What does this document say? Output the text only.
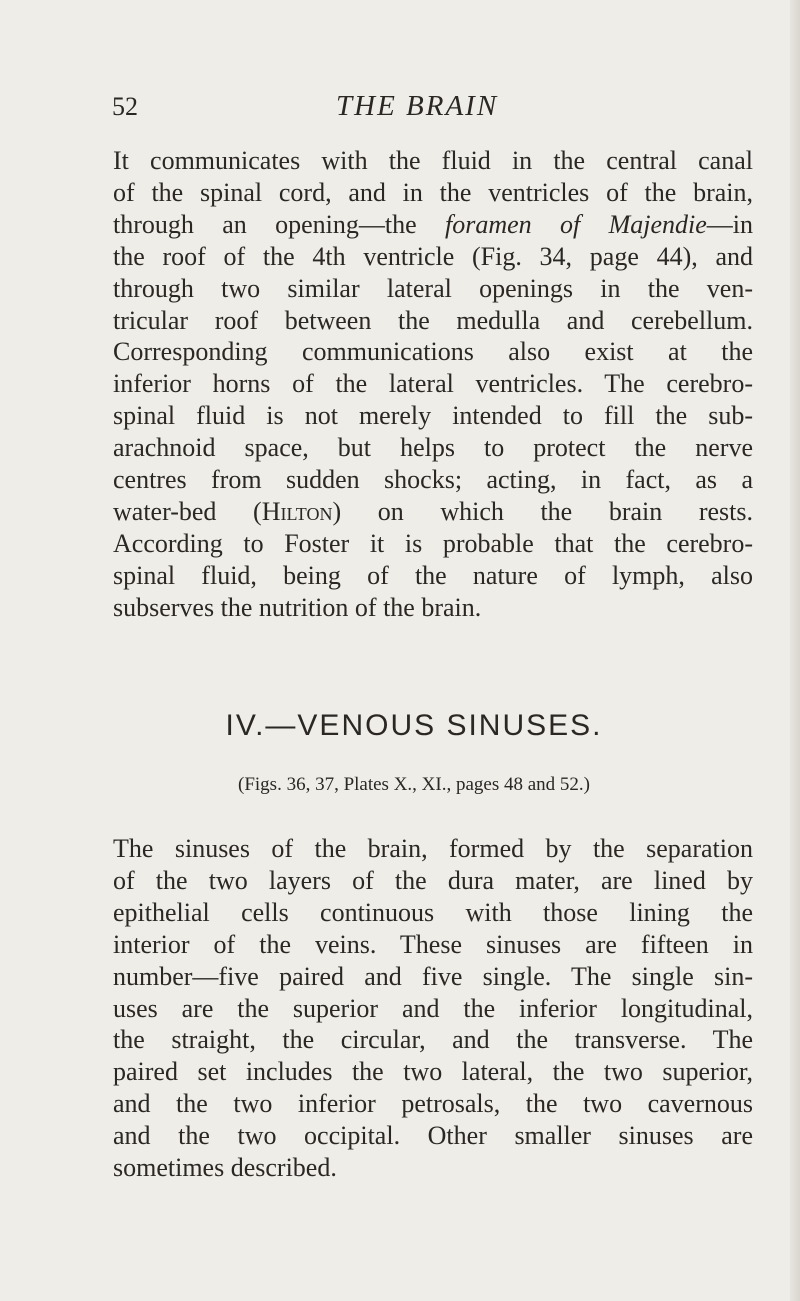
52	THE BRAIN
It communicates with the fluid in the central canal
of the spinal cord, and in the ventricles of the brain,
through an opening—the foramen of Majendie—in
the roof of the 4th ventricle (Fig. 34, page 44), and
through two similar lateral openings in the ven-
tricular roof between the medulla and cerebellum.
Corresponding communications also exist at the
inferior horns of the lateral ventricles. The cerebro-
spinal fluid is not merely intended to fill the sub-
arachnoid space, but helps to protect the nerve
centres from sudden shocks; acting, in fact, as a
water-bed (Hilton) on which the brain rests.
According to Foster it is probable that the cerebro-
spinal fluid, being of the nature of lymph, also
subserves the nutrition of the brain.
IV.—VENOUS SINUSES.
(Figs. 36, 37, Plates X., XI., pages 48 and 52.)
The sinuses of the brain, formed by the separation
of the two layers of the dura mater, are lined by
epithelial cells continuous with those lining the
interior of the veins. These sinuses are fifteen in
number—five paired and five single. The single sin-
uses are the superior and the inferior longitudinal,
the straight, the circular, and the transverse. The
paired set includes the two lateral, the two superior,
and the two inferior petrosals, the two cavernous
and the two occipital. Other smaller sinuses are
sometimes described.
